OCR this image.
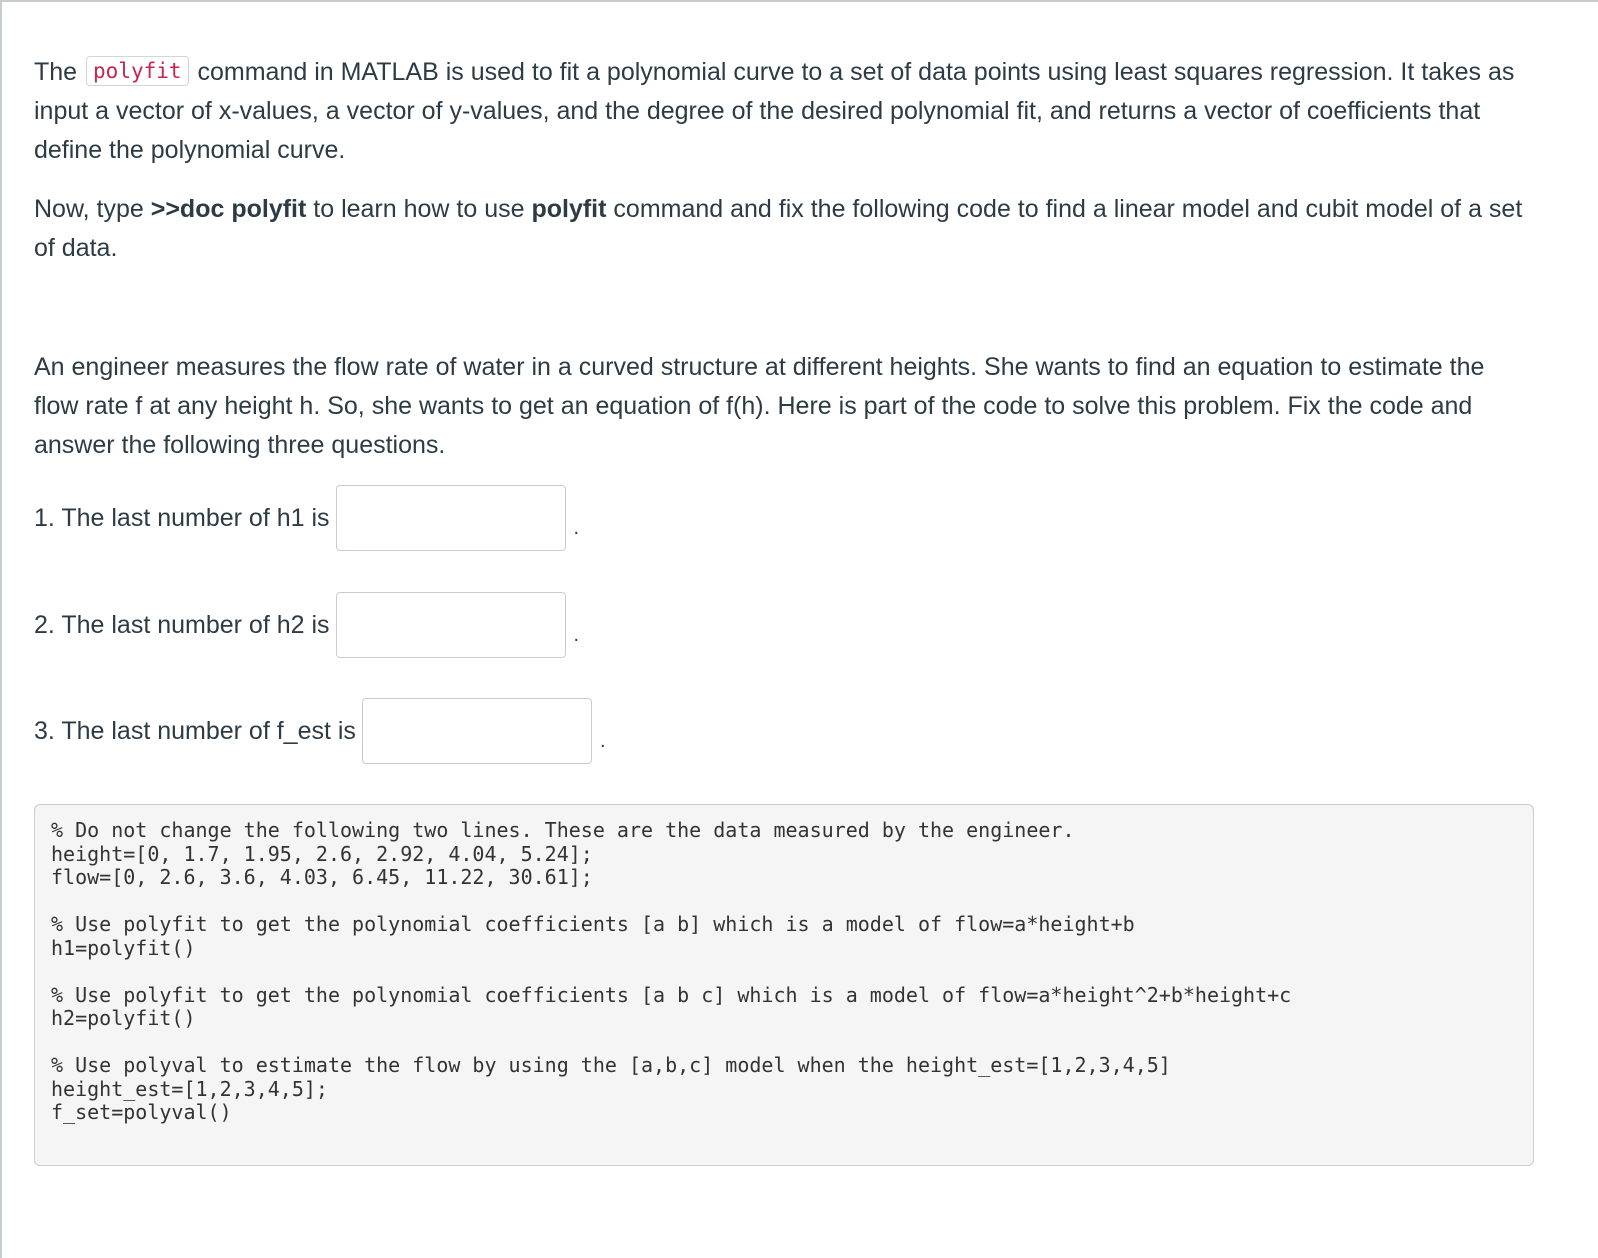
The polyfit command in MATLAB is used to fit a polynomial curve to a set of data points using least squares regression. It takes as input a vector of x-values, a vector of y-values, and the degree of the desired polynomial fit, and returns a vector of coefficients that define the polynomial curve.

Now, type >>doc polyfit to learn how to use polyfit command and fix the following code to find a linear model and cubit model of a set of data.

An engineer measures the flow rate of water in a curved structure at different heights. She wants to find an equation to estimate the flow rate f at any height h. So, she wants to get an equation of f(h). Here is part of the code to solve this problem. Fix the code and answer the following three questions.

1. The last number of h1 is	.
2. The last number of h2 is	.
3. The last number of f_est is	.
% Do not change the following two lines. These are the data measured by the engineer.
height=[0, 1.7, 1.95, 2.6, 2.92, 4.04, 5.24];
flow=[0, 2.6, 3.6, 4.03, 6.45, 11.22, 30.61];

% Use polyfit to get the polynomial coefficients [a b] which is a model of flow=a*height+b
h1=polyfit()

% Use polyfit to get the polynomial coefficients [a b c] which is a model of flow=a*height^2+b*height+c
h2=polyfit()

% Use polyval to estimate the flow by using the [a,b,c] model when the height_est=[1,2,3,4,5]
height_est=[1,2,3,4,5];
f_set=polyval()
